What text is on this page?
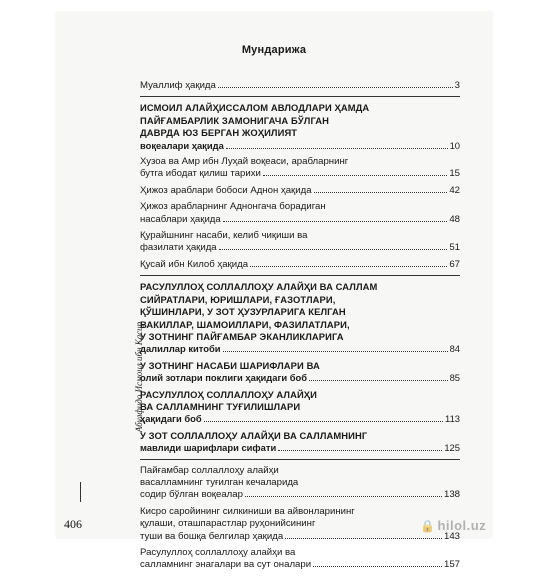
Мундарижа
Муаллиф ҳақида	3
ИСМОИЛ АЛАЙҲИССАЛОМ АВЛОДЛАРИ ҲАМДА
ПАЙҒАМБАРЛИК ЗАМОНИГАЧА БЎЛГАН
ДАВРДА ЮЗ БЕРГАН ЖОҲИЛИЯТ
воқеалари ҳақида	10
Хузоа ва Амр ибн Луҳай воқеаси, арабларнинг
бутга ибодат қилиш тарихи	15
Ҳижоз араблари бобоси Аднон ҳақида	42
Ҳижоз арабларнинг Аднонгача борадиган
насаблари ҳақида	48
Қурайшнинг насаби, келиб чиқиши ва
фазилати ҳақида	51
Қусай ибн Килоб ҳақида	67
РАСУЛУЛЛОҲ СОЛЛАЛЛОҲУ АЛАЙҲИ ВА САЛЛАМ
СИЙРАТЛАРИ, ЮРИШЛАРИ, ҒАЗОТЛАРИ,
ҚЎШИНЛАРИ, У ЗОТ ҲУЗУРЛАРИГА КЕЛГАН
ВАКИЛЛАР, ШАМОИЛЛАРИ, ФАЗИЛАТЛАРИ,
У ЗОТНИНГ ПАЙҒАМБАР ЭКАНЛИКЛАРИГА
далиллар китоби	84
У ЗОТНИНГ НАСАБИ ШАРИФЛАРИ ВА
олий зотлари поклиги ҳақидаги боб	85
РАСУЛУЛЛОҲ СОЛЛАЛЛОҲУ АЛАЙҲИ
ВА САЛЛАМНИНГ ТУҒИЛИШЛАРИ
ҳақидаги боб	113
У ЗОТ СОЛЛАЛЛОҲУ АЛАЙҲИ ВА САЛЛАМНИНГ
мавлиди шарифлари сифати	125
Пайғамбар соллаллоҳу алайҳи
васалламнинг туғилган кечаларида
содир бўлган воқеалар	138
Кисро саройининг силкиниши ва айвонларининг
қулаши, оташпарастлар руҳонийсининг
туши ва бошқа белгилар ҳақида	143
Расулуллоҳ соллаллоҳу алайҳи ва
салламнинг энагалари ва сут оналари	157
Абулфидо Исмоил ибн Касир
406	🔒 hilol.uz
